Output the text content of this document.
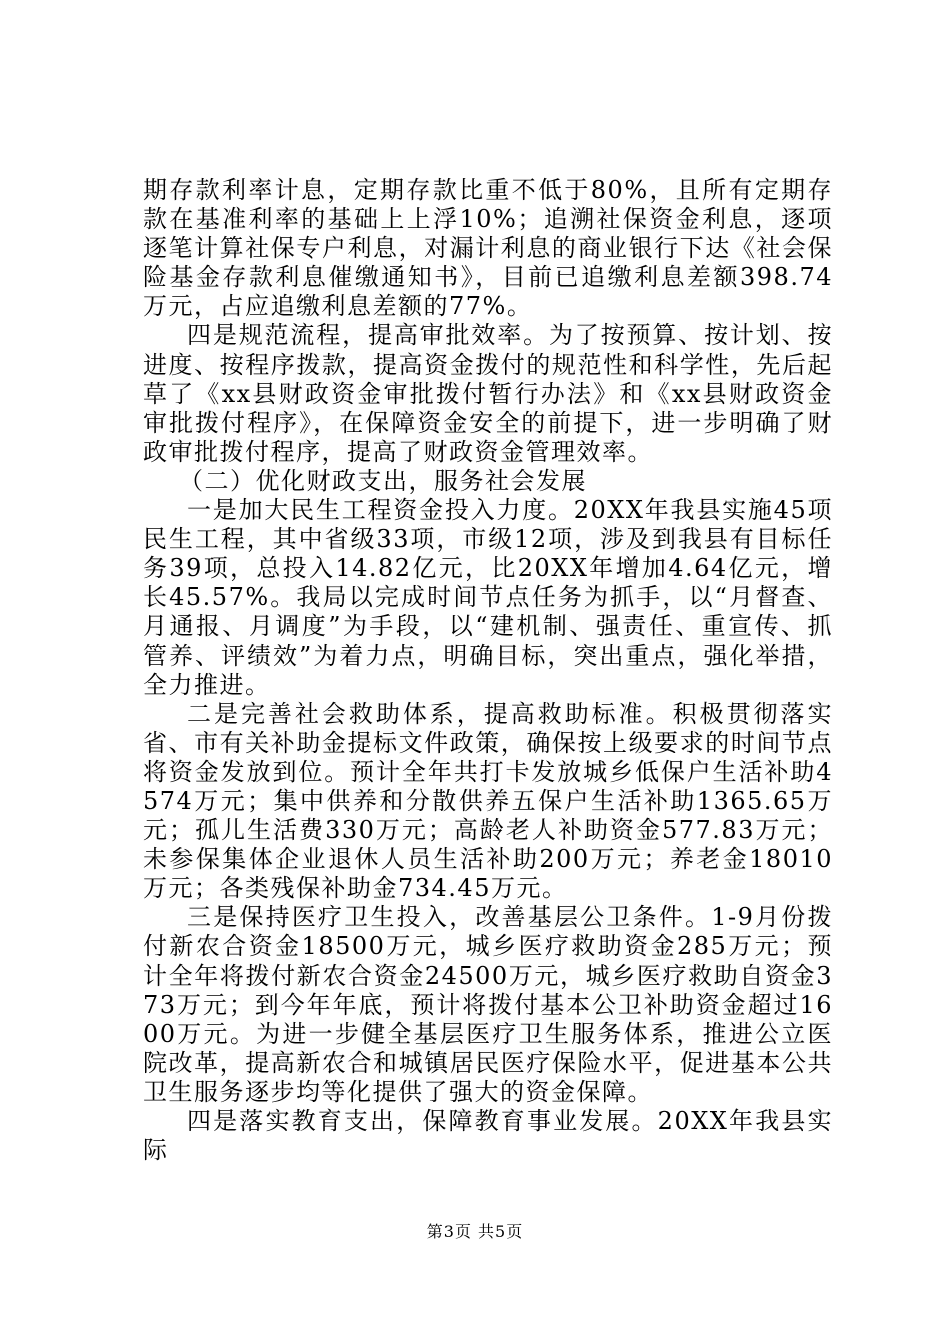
期存款利率计息，定期存款比重不低于80%，且所有定期存款在基准利率的基础上上浮10%；追溯社保资金利息，逐项逐笔计算社保专户利息，对漏计利息的商业银行下达《社会保险基金存款利息催缴通知书》，目前已追缴利息差额398.74万元，占应追缴利息差额的77%。

四是规范流程，提高审批效率。为了按预算、按计划、按进度、按程序拨款，提高资金拨付的规范性和科学性，先后起草了《xx县财政资金审批拨付暂行办法》和《xx县财政资金审批拨付程序》，在保障资金安全的前提下，进一步明确了财政审批拨付程序，提高了财政资金管理效率。

（二）优化财政支出，服务社会发展

一是加大民生工程资金投入力度。20XX年我县实施45项民生工程，其中省级33项，市级12项，涉及到我县有目标任务39项，总投入14.82亿元，比20XX年增加4.64亿元，增长45.57%。我局以完成时间节点任务为抓手，以“月督查、月通报、月调度”为手段，以“建机制、强责任、重宣传、抓管养、评绩效”为着力点，明确目标，突出重点，强化举措，全力推进。

二是完善社会救助体系，提高救助标准。积极贯彻落实省、市有关补助金提标文件政策，确保按上级要求的时间节点将资金发放到位。预计全年共打卡发放城乡低保户生活补助4574万元；集中供养和分散供养五保户生活补助1365.65万元；孤儿生活费330万元；高龄老人补助资金577.83万元；未参保集体企业退休人员生活补助200万元；养老金18010万元；各类残保补助金734.45万元。

三是保持医疗卫生投入，改善基层公卫条件。1-9月份拨付新农合资金18500万元，城乡医疗救助资金285万元；预计全年将拨付新农合资金24500万元，城乡医疗救助自资金373万元；到今年年底，预计将拨付基本公卫补助资金超过1600万元。为进一步健全基层医疗卫生服务体系，推进公立医院改革，提高新农合和城镇居民医疗保险水平，促进基本公共卫生服务逐步均等化提供了强大的资金保障。

四是落实教育支出，保障教育事业发展。20XX年我县实际

第3页 共5页
